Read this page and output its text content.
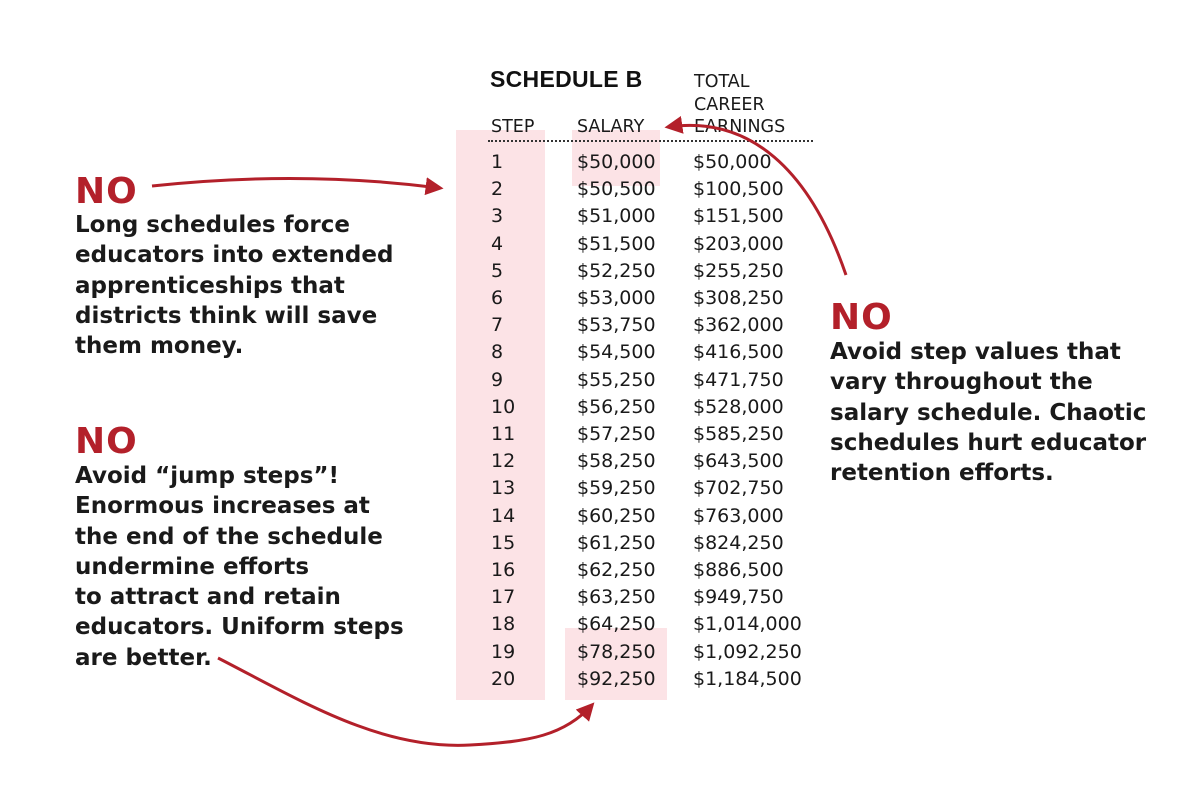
SCHEDULE B
STEP SALARY
TOTAL
CAREER
EARNINGS
1	$50,000 $50,000
2	$50,500 $100,500
3	$51,000 $151,500
4	$51,500 $203,000
5	$52,250 $255,250
6	$53,000 $308,250
7	$53,750 $362,000
8	$54,500 $416,500
9	$55,250 $471,750
10	$56,250 $528,000
11	$57,250 $585,250
12	$58,250 $643,500
13	$59,250 $702,750
14	$60,250 $763,000
15	$61,250 $824,250
16	$62,250 $886,500
17	$63,250 $949,750
18	$64,250 $1,014,000
19	$78,250 $1,092,250
20	$92,250 $1,184,500
NO
Long schedules force
educators into extended
apprenticeships that
districts think will save
them money.
NO
Avoid “jump steps”!
Enormous increases at
the end of the schedule
undermine efforts
to attract and retain
educators. Uniform steps
are better.
NO
Avoid step values that
vary throughout the
salary schedule. Chaotic
schedules hurt educator
retention efforts.
